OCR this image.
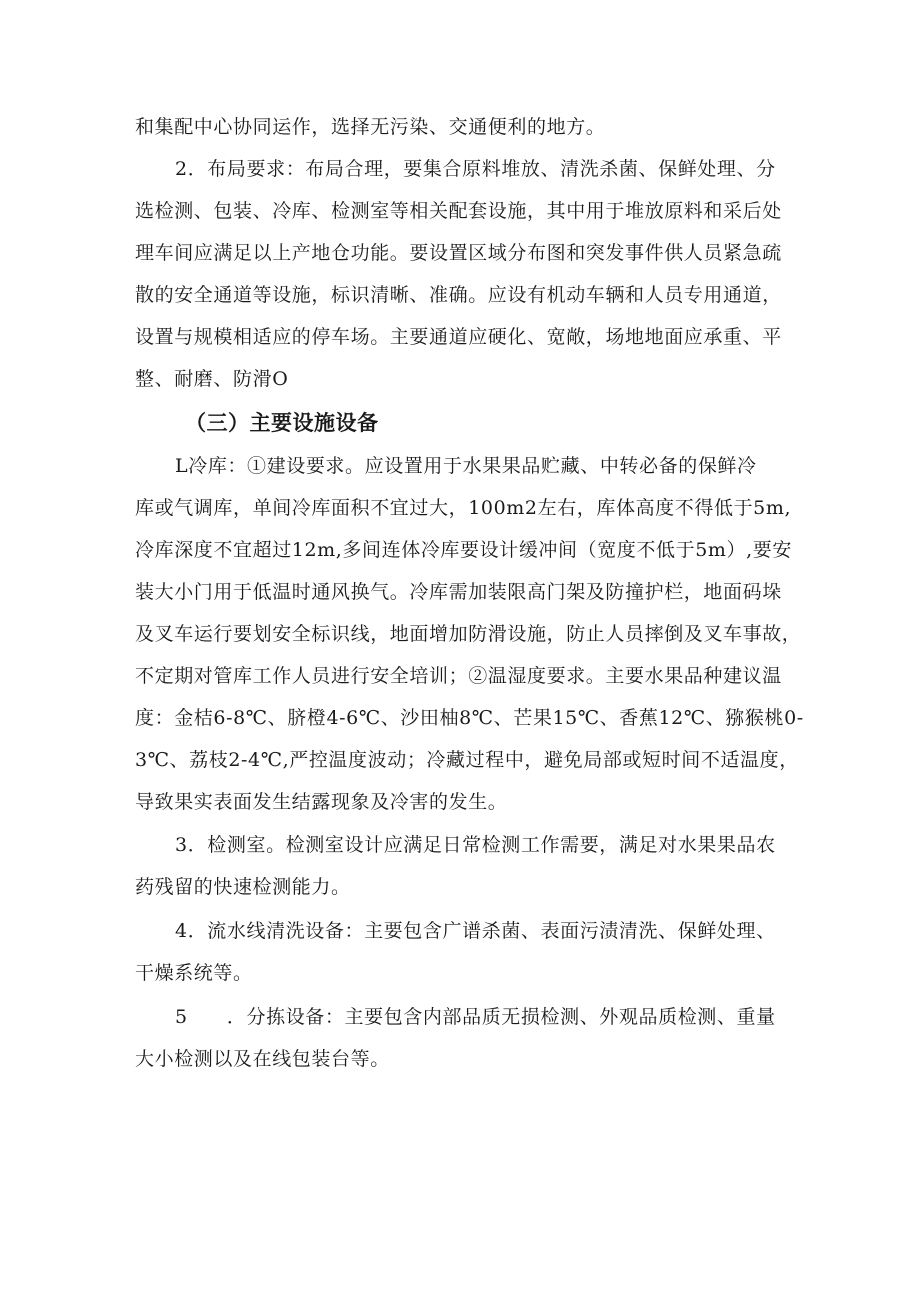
和集配中心协同运作，选择无污染、交通便利的地方。
2．布局要求：布局合理，要集合原料堆放、清洗杀菌、保鲜处理、分
选检测、包装、冷库、检测室等相关配套设施，其中用于堆放原料和采后处
理车间应满足以上产地仓功能。要设置区域分布图和突发事件供人员紧急疏
散的安全通道等设施，标识清晰、准确。应设有机动车辆和人员专用通道，
设置与规模相适应的停车场。主要通道应硬化、宽敞，场地地面应承重、平
整、耐磨、防滑O
（三）主要设施设备
L冷库：①建设要求。应设置用于水果果品贮藏、中转必备的保鲜冷
库或气调库，单间冷库面积不宜过大，100m2左右，库体高度不得低于5m,
冷库深度不宜超过12m,多间连体冷库要设计缓冲间（宽度不低于5m）,要安
装大小门用于低温时通风换气。冷库需加装限高门架及防撞护栏，地面码垛
及叉车运行要划安全标识线，地面增加防滑设施，防止人员摔倒及叉车事故，
不定期对管库工作人员进行安全培训；②温湿度要求。主要水果品种建议温
度：金桔6-8℃、脐橙4-6℃、沙田柚8℃、芒果15℃、香蕉12℃、猕猴桃0-
3℃、荔枝2-4℃,严控温度波动；冷藏过程中，避免局部或短时间不适温度，
导致果实表面发生结露现象及冷害的发生。
3．检测室。检测室设计应满足日常检测工作需要，满足对水果果品农
药残留的快速检测能力。
4．流水线清洗设备：主要包含广谱杀菌、表面污渍清洗、保鲜处理、
干燥系统等。
5　　．分拣设备：主要包含内部品质无损检测、外观品质检测、重量
大小检测以及在线包装台等。
